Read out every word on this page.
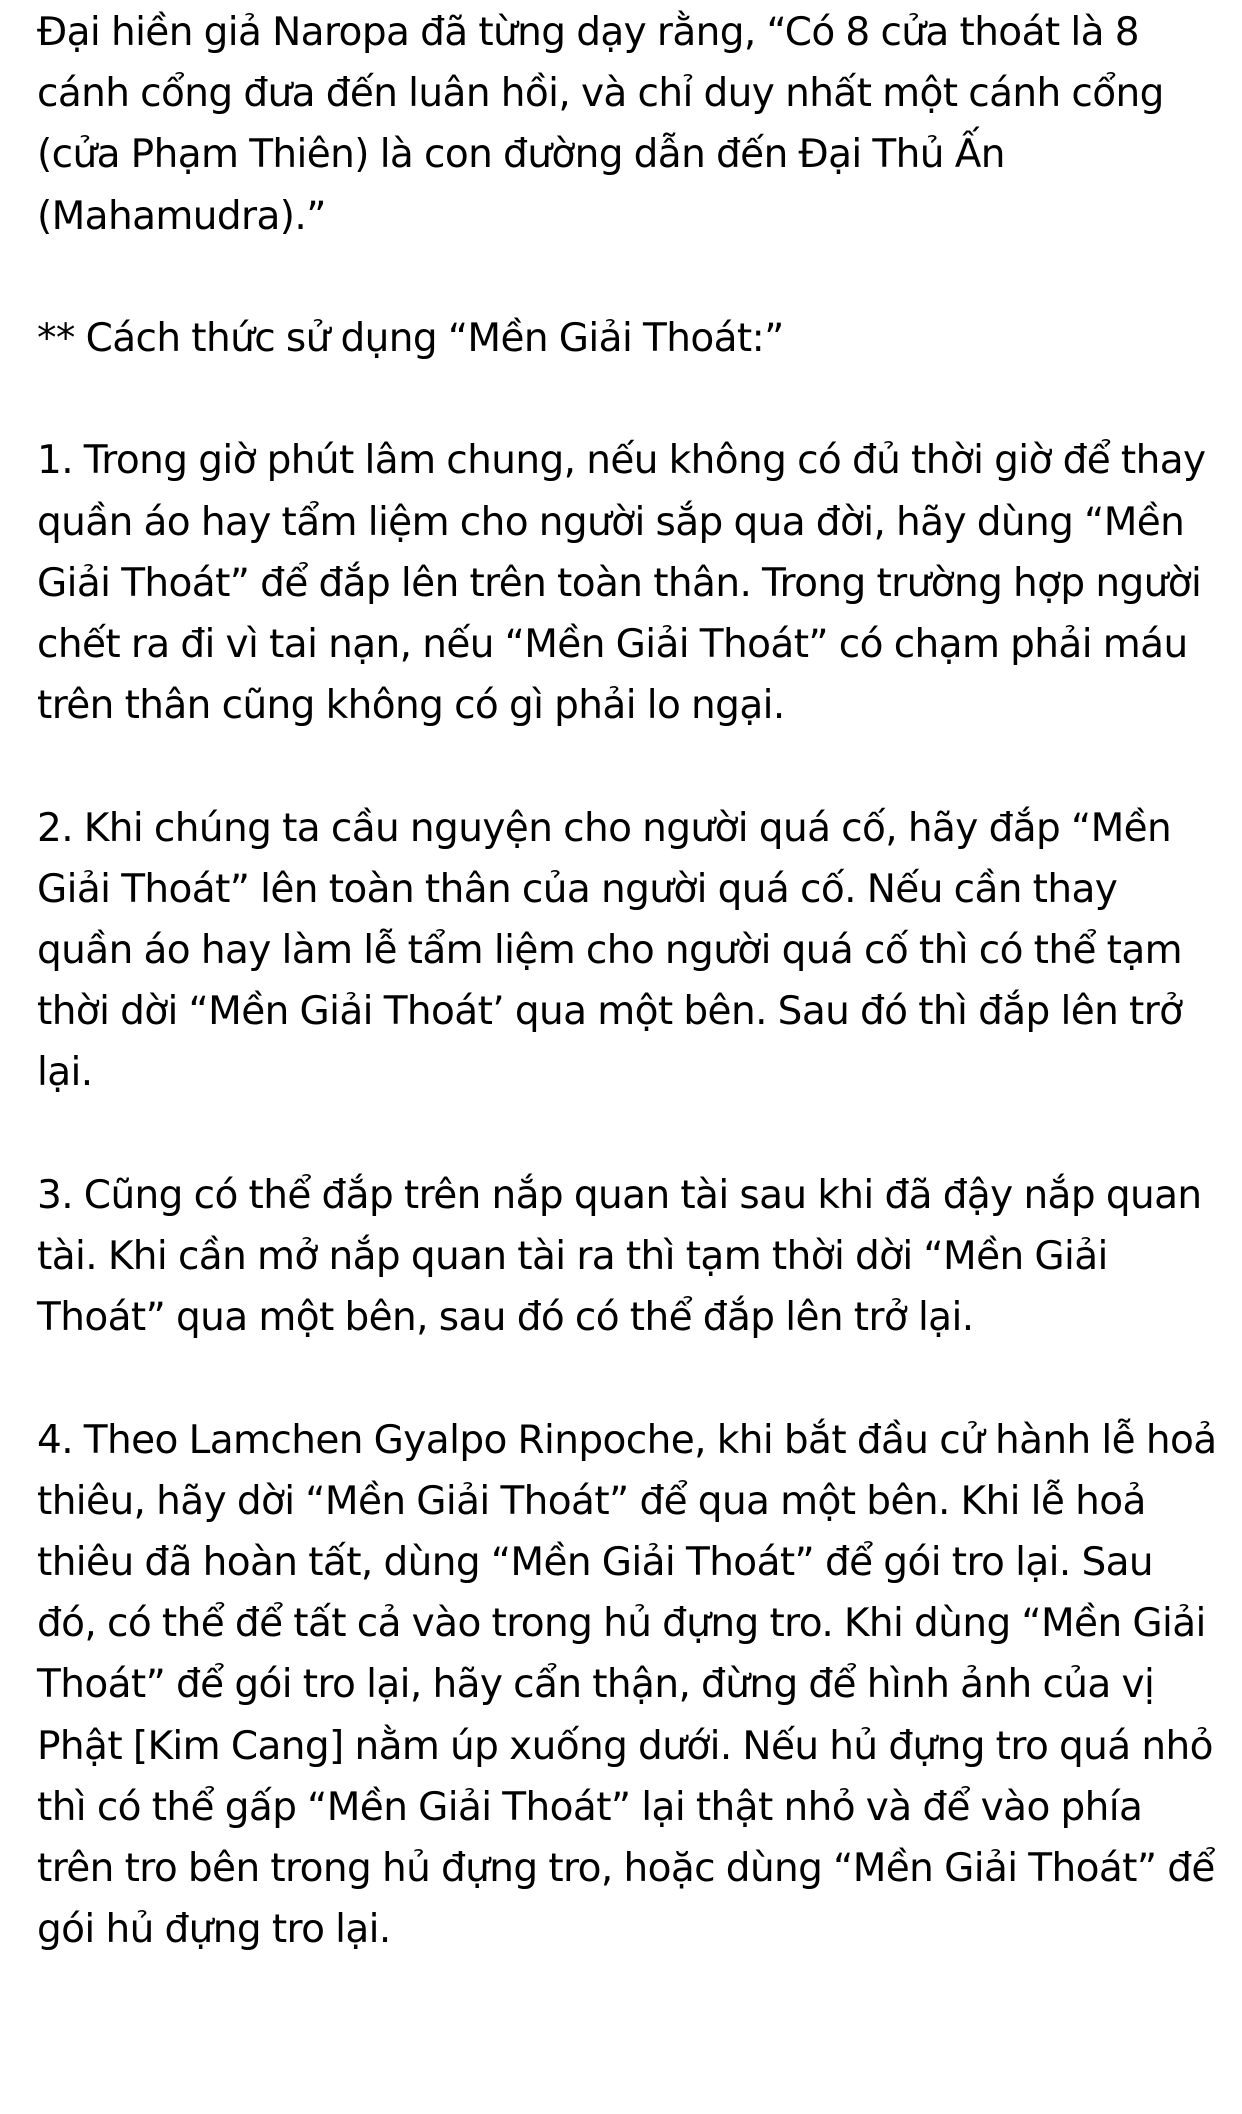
Đại hiền giả Naropa đã từng dạy rằng, “Có 8 cửa thoát là 8 cánh cổng đưa đến luân hồi, và chỉ duy nhất một cánh cổng (cửa Phạm Thiên) là con đường dẫn đến Đại Thủ Ấn (Mahamudra).”

** Cách thức sử dụng “Mền Giải Thoát:”

1. Trong giờ phút lâm chung, nếu không có đủ thời giờ để thay quần áo hay tẩm liệm cho người sắp qua đời, hãy dùng “Mền Giải Thoát” để đắp lên trên toàn thân. Trong trường hợp người chết ra đi vì tai nạn, nếu “Mền Giải Thoát” có chạm phải máu trên thân cũng không có gì phải lo ngại.

2. Khi chúng ta cầu nguyện cho người quá cố, hãy đắp “Mền Giải Thoát” lên toàn thân của người quá cố. Nếu cần thay quần áo hay làm lễ tẩm liệm cho người quá cố thì có thể tạm thời dời “Mền Giải Thoát’ qua một bên. Sau đó thì đắp lên trở lại.

3. Cũng có thể đắp trên nắp quan tài sau khi đã đậy nắp quan tài. Khi cần mở nắp quan tài ra thì tạm thời dời “Mền Giải Thoát” qua một bên, sau đó có thể đắp lên trở lại.

4. Theo Lamchen Gyalpo Rinpoche, khi bắt đầu cử hành lễ hoả thiêu, hãy dời “Mền Giải Thoát” để qua một bên. Khi lễ hoả thiêu đã hoàn tất, dùng “Mền Giải Thoát” để gói tro lại. Sau đó, có thể để tất cả vào trong hủ đựng tro. Khi dùng “Mền Giải Thoát” để gói tro lại, hãy cẩn thận, đừng để hình ảnh của vị Phật [Kim Cang] nằm úp xuống dưới. Nếu hủ đựng tro quá nhỏ thì có thể gấp “Mền Giải Thoát” lại thật nhỏ và để vào phía trên tro bên trong hủ đựng tro, hoặc dùng “Mền Giải Thoát” để gói hủ đựng tro lại.
